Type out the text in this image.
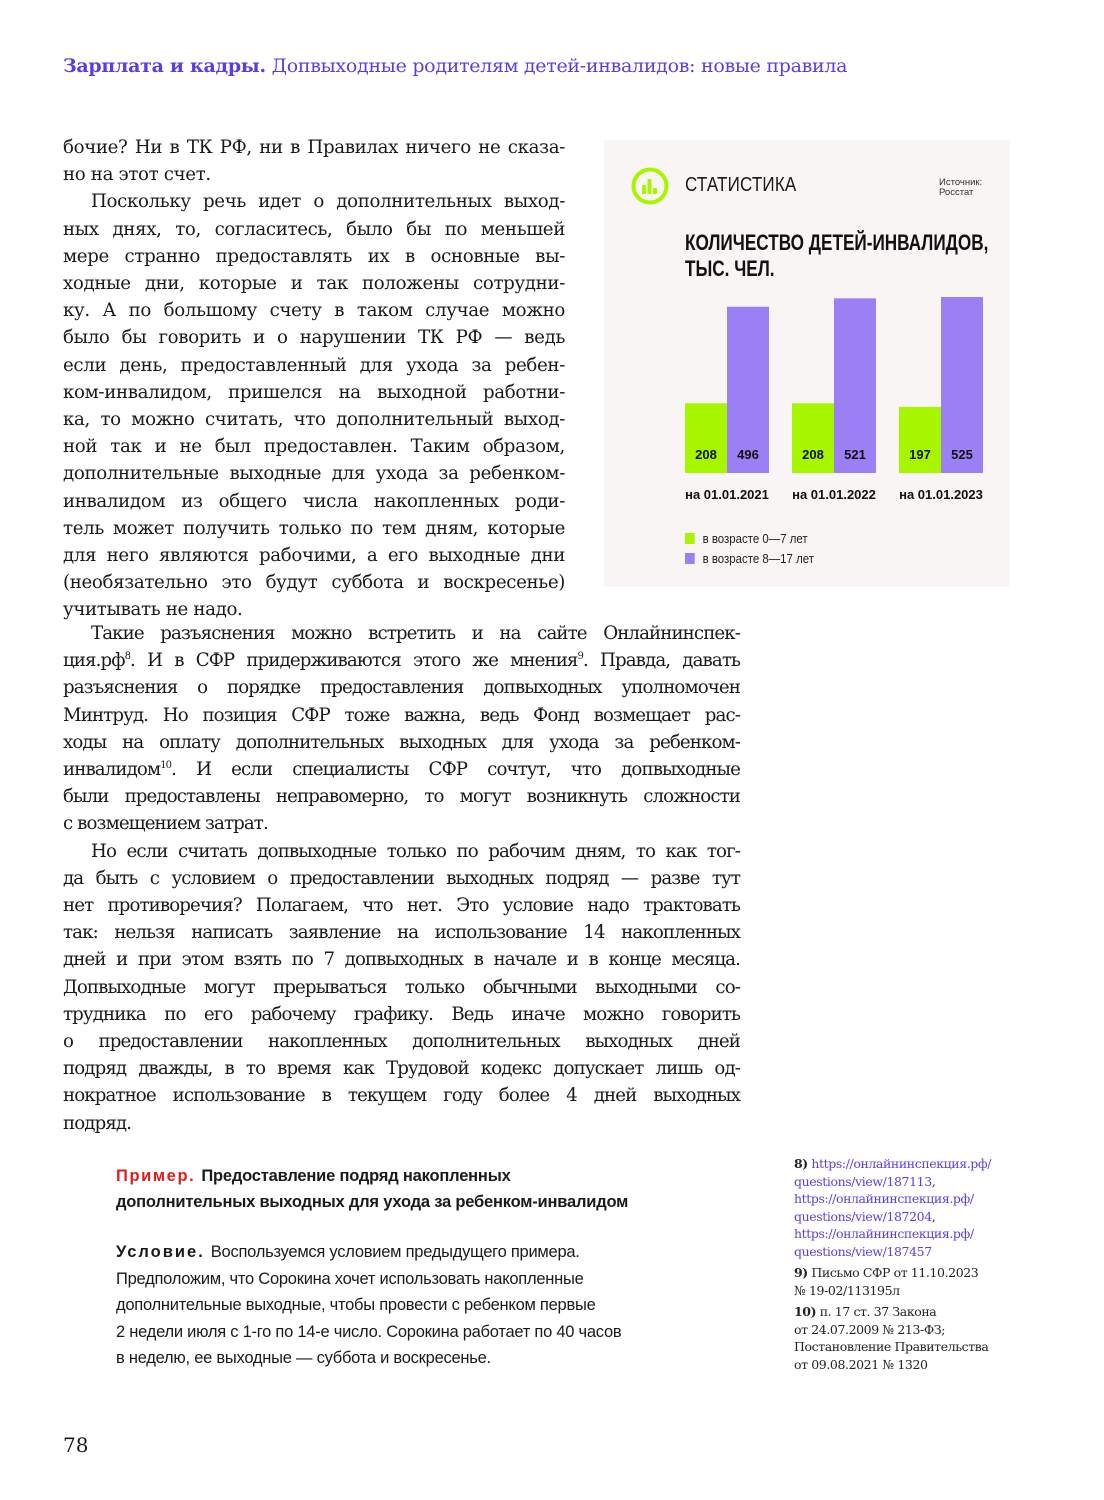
Зарплата и кадры. Допвыходные родителям детей-инвалидов: новые правила
бочие? Ни в ТК РФ, ни в Правилах ничего не сказа-
но на этот счет.
Поскольку речь идет о дополнительных выход-
ных днях, то, согласитесь, было бы по меньшей
мере странно предоставлять их в основные вы-
ходные дни, которые и так положены сотрудни-
ку. А по большому счету в таком случае можно
было бы говорить и о нарушении ТК РФ — ведь
если день, предоставленный для ухода за ребен-
ком-инвалидом, пришелся на выходной работни-
ка, то можно считать, что дополнительный выход-
ной так и не был предоставлен. Таким образом,
дополнительные выходные для ухода за ребенком-
инвалидом из общего числа накопленных роди-
тель может получить только по тем дням, которые
для него являются рабочими, а его выходные дни
(необязательно это будут суббота и воскресенье)
учитывать не надо.
СТАТИСТИКА	Источник:
Росстат
КОЛИЧЕСТВО ДЕТЕЙ-ИНВАЛИДОВ,
ТЫС. ЧЕЛ.
208 496
на 01.01.2021
208 521
на 01.01.2022
197 525
на 01.01.2023
в возрасте 0—7 лет
в возрасте 8—17 лет
Такие разъяснения можно встретить и на сайте Онлайнинспек-
$ция.рф^8$. И в СФР придерживаются этого же мнения$^9$. Правда, давать
разъяснения о порядке предоставления допвыходных уполномочен
Минтруд. Но позиция СФР тоже важна, ведь Фонд возмещает рас-
ходы на оплату дополнительных выходных для ухода за ребенком-
инвалидом$^{10}$. И если специалисты СФР сочтут, что допвыходные
были предоставлены неправомерно, то могут возникнуть сложности
с возмещением затрат.
Но если считать допвыходные только по рабочим дням, то как тог-
да быть с условием о предоставлении выходных подряд — разве тут
нет противоречия? Полагаем, что нет. Это условие надо трактовать
так: нельзя написать заявление на использование 14 накопленных
дней и при этом взять по 7 допвыходных в начале и в конце месяца.
Допвыходные могут прерываться только обычными выходными со-
трудника по его рабочему графику. Ведь иначе можно говорить
о предоставлении накопленных дополнительных выходных дней
подряд дважды, в то время как Трудовой кодекс допускает лишь од-
нократное использование в текущем году более 4 дней выходных
подряд.
Пример. Предоставление подряд накопленных
дополнительных выходных для ухода за ребенком-инвалидом
Условие. Воспользуемся условием предыдущего примера.
Предположим, что Сорокина хочет использовать накопленные
дополнительные выходные, чтобы провести с ребенком первые
2 недели июля с 1-го по 14-е число. Сорокина работает по 40 часов
в неделю, ее выходные — суббота и воскресенье.
8) https://онлайнинспекция.рф/
questions/view/187113,
https://онлайнинспекция.рф/
questions/view/187204,
https://онлайнинспекция.рф/
questions/view/187457
9) Письмо СФР от 11.10.2023
№ 19-02/113195л
10) п. 17 ст. 37 Закона
от 24.07.2009 № 213-ФЗ;
Постановление Правительства
от 09.08.2021 № 1320
78
